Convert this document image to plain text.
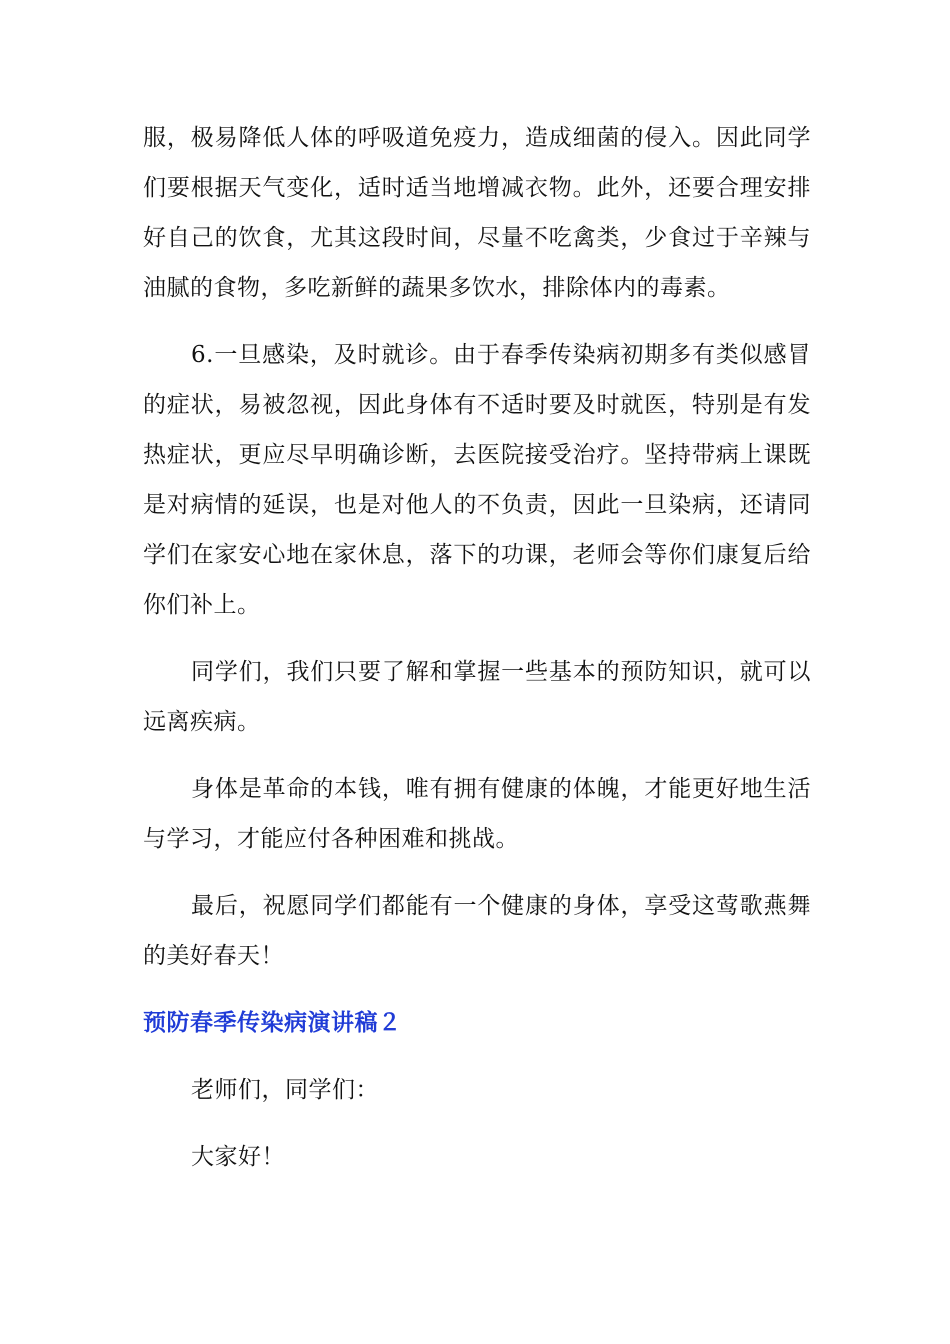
服，极易降低人体的呼吸道免疫力，造成细菌的侵入。因此同学们要根据天气变化，适时适当地增减衣物。此外，还要合理安排好自己的饮食，尤其这段时间，尽量不吃禽类，少食过于辛辣与油腻的食物，多吃新鲜的蔬果多饮水，排除体内的毒素。

6.一旦感染，及时就诊。由于春季传染病初期多有类似感冒的症状，易被忽视，因此身体有不适时要及时就医，特别是有发热症状，更应尽早明确诊断，去医院接受治疗。坚持带病上课既是对病情的延误，也是对他人的不负责，因此一旦染病，还请同学们在家安心地在家休息，落下的功课，老师会等你们康复后给你们补上。

同学们，我们只要了解和掌握一些基本的预防知识，就可以远离疾病。

身体是革命的本钱，唯有拥有健康的体魄，才能更好地生活与学习，才能应付各种困难和挑战。

最后，祝愿同学们都能有一个健康的身体，享受这莺歌燕舞的美好春天！

预防春季传染病演讲稿２

老师们，同学们：

大家好！
